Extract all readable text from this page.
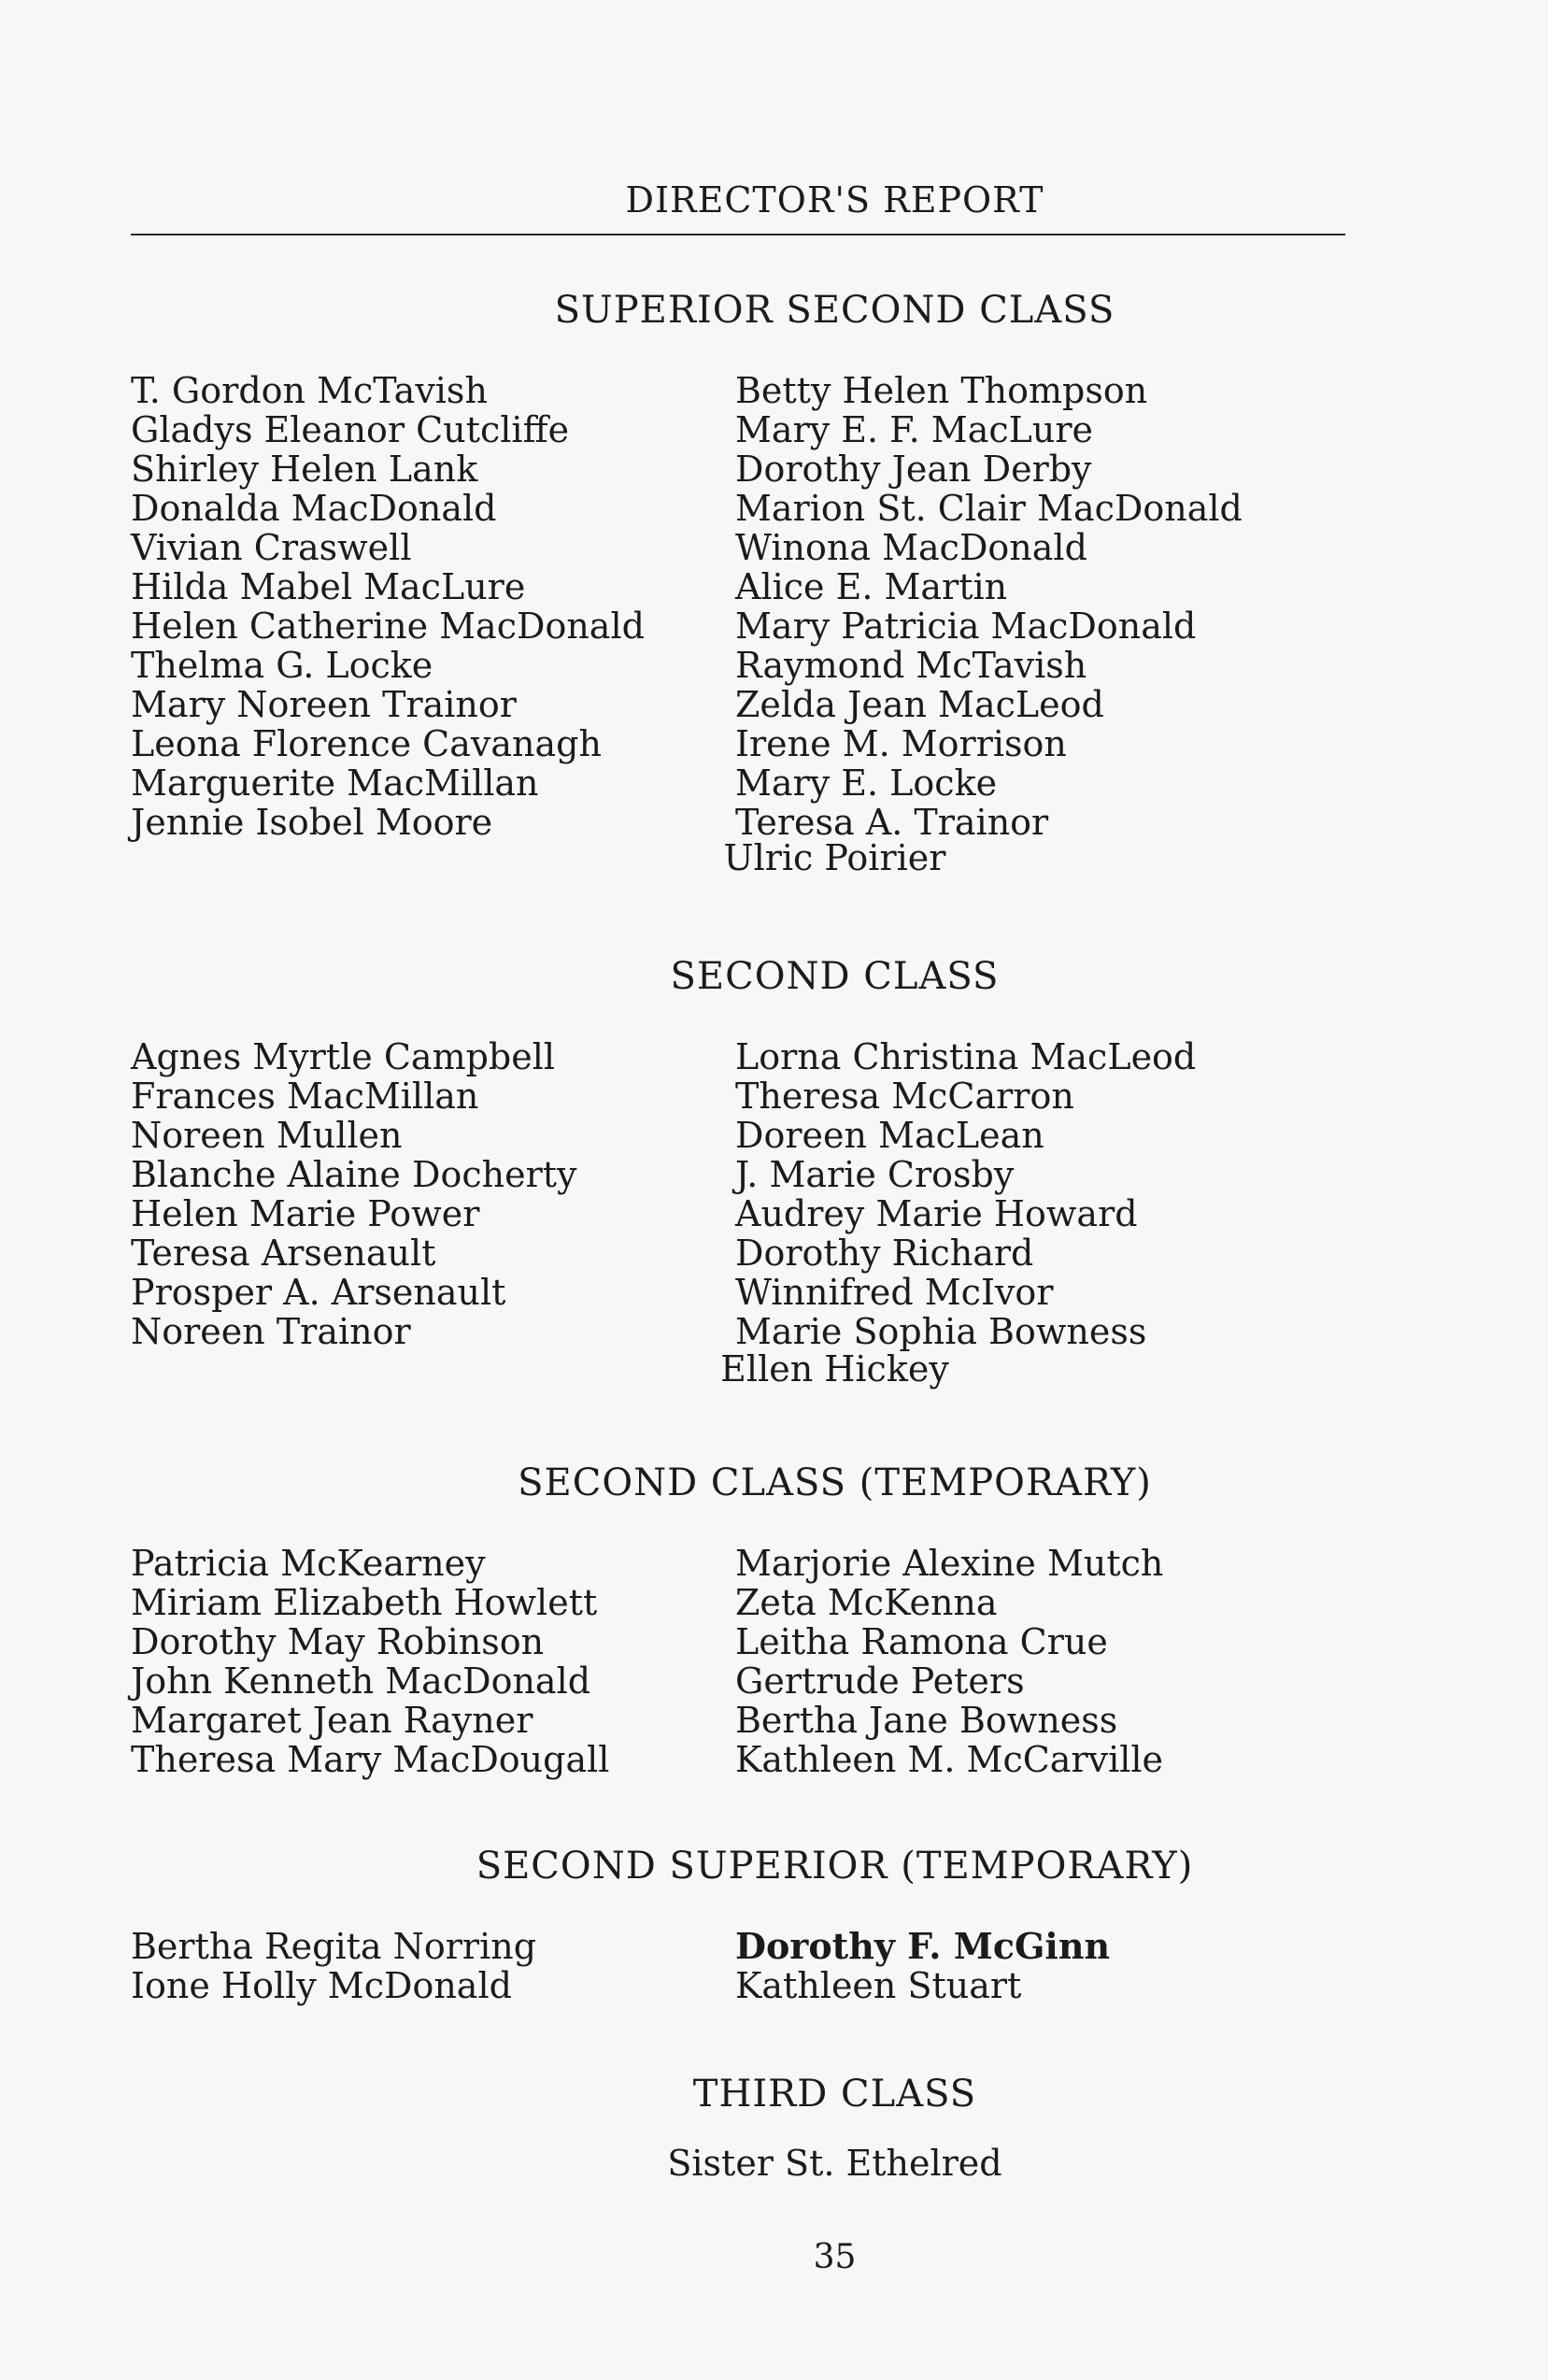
DIRECTOR'S REPORT
SUPERIOR SECOND CLASS
T. Gordon McTavish
Gladys Eleanor Cutcliffe
Shirley Helen Lank
Donalda MacDonald
Vivian Craswell
Hilda Mabel MacLure
Helen Catherine MacDonald
Thelma G. Locke
Mary Noreen Trainor
Leona Florence Cavanagh
Marguerite MacMillan
Jennie Isobel Moore
Betty Helen Thompson
Mary E. F. MacLure
Dorothy Jean Derby
Marion St. Clair MacDonald
Winona MacDonald
Alice E. Martin
Mary Patricia MacDonald
Raymond McTavish
Zelda Jean MacLeod
Irene M. Morrison
Mary E. Locke
Teresa A. Trainor
Ulric Poirier
SECOND CLASS
Agnes Myrtle Campbell
Frances MacMillan
Noreen Mullen
Blanche Alaine Docherty
Helen Marie Power
Teresa Arsenault
Prosper A. Arsenault
Noreen Trainor
Lorna Christina MacLeod
Theresa McCarron
Doreen MacLean
J. Marie Crosby
Audrey Marie Howard
Dorothy Richard
Winnifred McIvor
Marie Sophia Bowness
Ellen Hickey
SECOND CLASS (TEMPORARY)
Patricia McKearney
Miriam Elizabeth Howlett
Dorothy May Robinson
John Kenneth MacDonald
Margaret Jean Rayner
Theresa Mary MacDougall
Marjorie Alexine Mutch
Zeta McKenna
Leitha Ramona Crue
Gertrude Peters
Bertha Jane Bowness
Kathleen M. McCarville
SECOND SUPERIOR (TEMPORARY)
Bertha Regita Norring
Ione Holly McDonald
Dorothy F. McGinn
Kathleen Stuart
THIRD CLASS
Sister St. Ethelred
35
